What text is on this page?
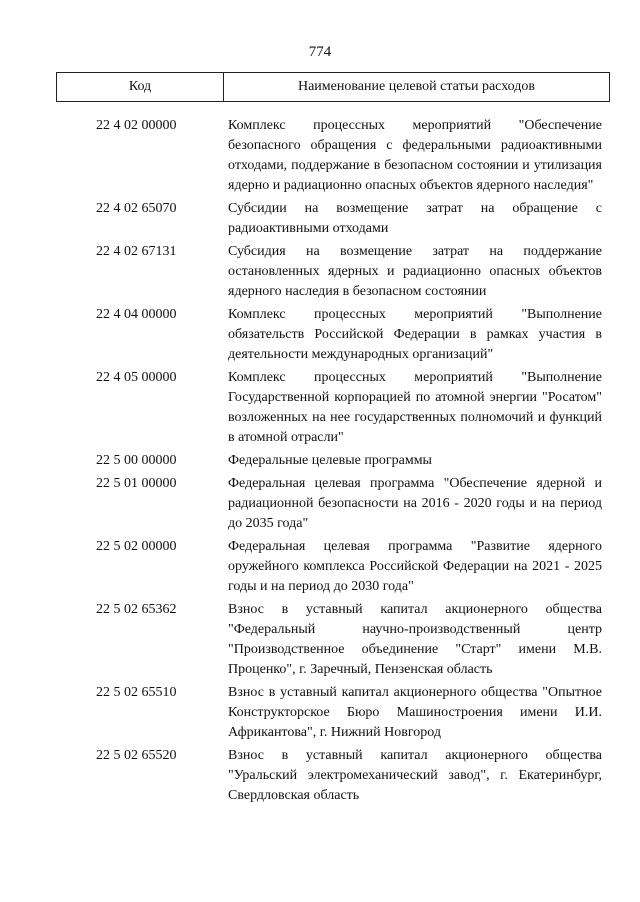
774
Код	Наименование целевой статьи расходов
22 4 02 00000	Комплекс процессных мероприятий "Обеспечение безопасного обращения с федеральными радиоактивными отходами, поддержание в безопасном состоянии и утилизация ядерно и радиационно опасных объектов ядерного наследия"
22 4 02 65070	Субсидии на возмещение затрат на обращение с радиоактивными отходами
22 4 02 67131	Субсидия на возмещение затрат на поддержание остановленных ядерных и радиационно опасных объектов ядерного наследия в безопасном состоянии
22 4 04 00000	Комплекс процессных мероприятий "Выполнение обязательств Российской Федерации в рамках участия в деятельности международных организаций"
22 4 05 00000	Комплекс процессных мероприятий "Выполнение Государственной корпорацией по атомной энергии "Росатом" возложенных на нее государственных полномочий и функций в атомной отрасли"
22 5 00 00000	Федеральные целевые программы
22 5 01 00000	Федеральная целевая программа "Обеспечение ядерной и радиационной безопасности на 2016 - 2020 годы и на период до 2035 года"
22 5 02 00000	Федеральная целевая программа "Развитие ядерного оружейного комплекса Российской Федерации на 2021 - 2025 годы и на период до 2030 года"
22 5 02 65362	Взнос в уставный капитал акционерного общества "Федеральный научно-производственный центр "Производственное объединение "Старт" имени М.В. Проценко", г. Заречный, Пензенская область
22 5 02 65510	Взнос в уставный капитал акционерного общества "Опытное Конструкторское Бюро Машиностроения имени И.И. Африкантова", г. Нижний Новгород
22 5 02 65520	Взнос в уставный капитал акционерного общества "Уральский электромеханический завод", г. Екатеринбург, Свердловская область
